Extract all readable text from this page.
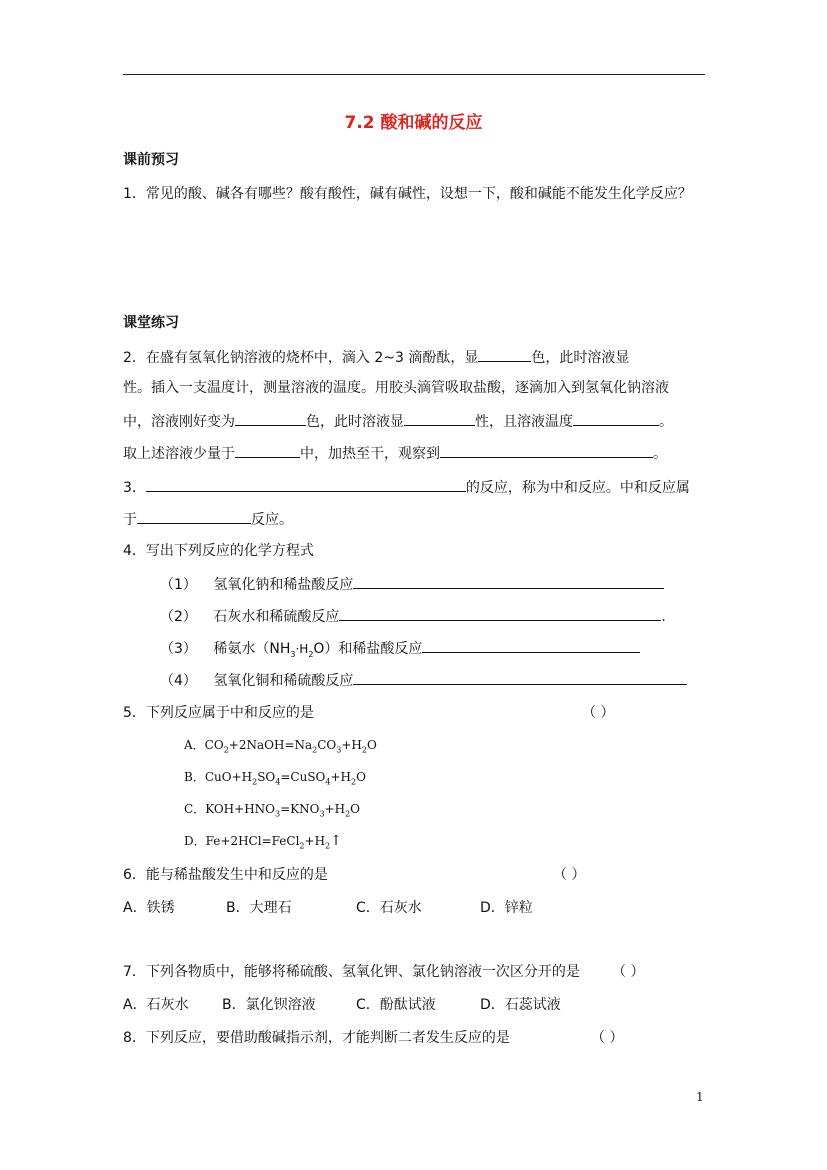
7.2 酸和碱的反应
课前预习
1．常见的酸、碱各有哪些？酸有酸性，碱有碱性，设想一下，酸和碱能不能发生化学反应？
课堂练习
2．在盛有氢氧化钠溶液的烧杯中，滴入 2~3 滴酚酞，显	色，此时溶液显
性。插入一支温度计，测量溶液的温度。用胶头滴管吸取盐酸，逐滴加入到氢氧化钠溶液
中，溶液刚好变为	色，此时溶液显	性，且溶液温度	。
取上述溶液少量于	中，加热至干，观察到	。
3．	的反应，称为中和反应。中和反应属
于	反应。
4．写出下列反应的化学方程式
（1） 氢氧化钠和稀盐酸反应
（2） 石灰水和稀硫酸反应	.
（3） 稀氨水$(NH_3\cdot H_2O)$和稀盐酸反应
（4） 氢氧化铜和稀硫酸反应
5．下列反应属于中和反应的是	（ ）
A．$CO_2+2NaOH=Na_2CO_3+H_2O$
B．$CuO+H_2SO_4=CuSO_4+H_2O$
C．$KOH+HNO_3=KNO_3+H_2O$
D．$Fe+2HCl=FeCl_2+H_2↑$
6．能与稀盐酸发生中和反应的是	（ ）
A．铁锈	B．大理石	C．石灰水	D．锌粒
7．下列各物质中，能够将稀硫酸、氢氧化钾、氯化钠溶液一次区分开的是 （ ）
A．石灰水 B．氯化钡溶液	C．酚酞试液	D．石蕊试液
8．下列反应，要借助酸碱指示剂，才能判断二者发生反应的是	（ ）
1
